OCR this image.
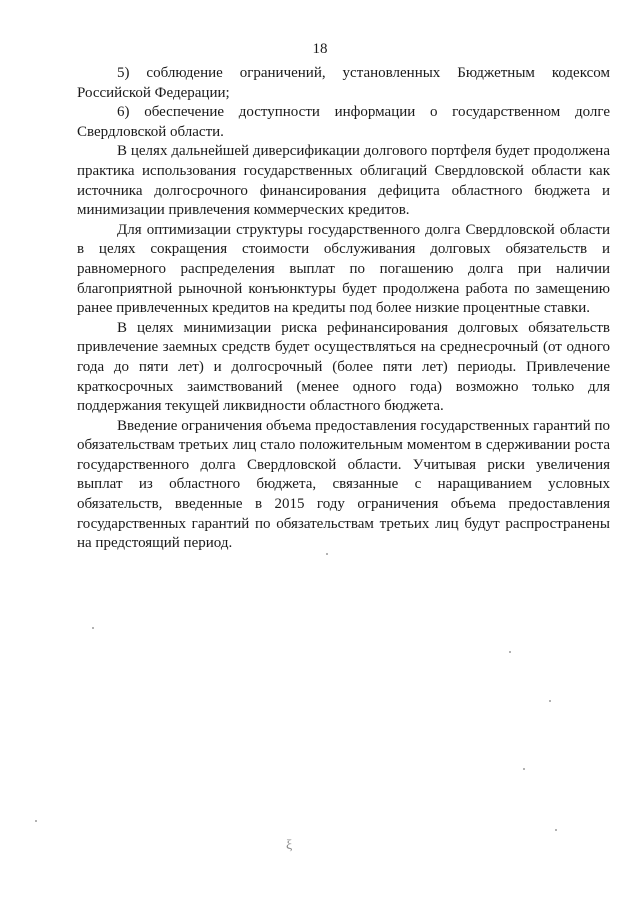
18

5) соблюдение ограничений, установленных Бюджетным кодексом Российской Федерации;

6) обеспечение доступности информации о государственном долге Свердловской области.

В целях дальнейшей диверсификации долгового портфеля будет продолжена практика использования государственных облигаций Свердловской области как источника долгосрочного финансирования дефицита областного бюджета и минимизации привлечения коммерческих кредитов.

Для оптимизации структуры государственного долга Свердловской области в целях сокращения стоимости обслуживания долговых обязательств и равномерного распределения выплат по погашению долга при наличии благоприятной рыночной конъюнктуры будет продолжена работа по замещению ранее привлеченных кредитов на кредиты под более низкие процентные ставки.

В целях минимизации риска рефинансирования долговых обязательств привлечение заемных средств будет осуществляться на среднесрочный (от одного года до пяти лет) и долгосрочный (более пяти лет) периоды. Привлечение краткосрочных заимствований (менее одного года) возможно только для поддержания текущей ликвидности областного бюджета.

Введение ограничения объема предоставления государственных гарантий по обязательствам третьих лиц стало положительным моментом в сдерживании роста государственного долга Свердловской области. Учитывая риски увеличения выплат из областного бюджета, связанные с наращиванием условных обязательств, введенные в 2015 году ограничения объема предоставления государственных гарантий по обязательствам третьих лиц будут распространены на предстоящий период.

ξ
